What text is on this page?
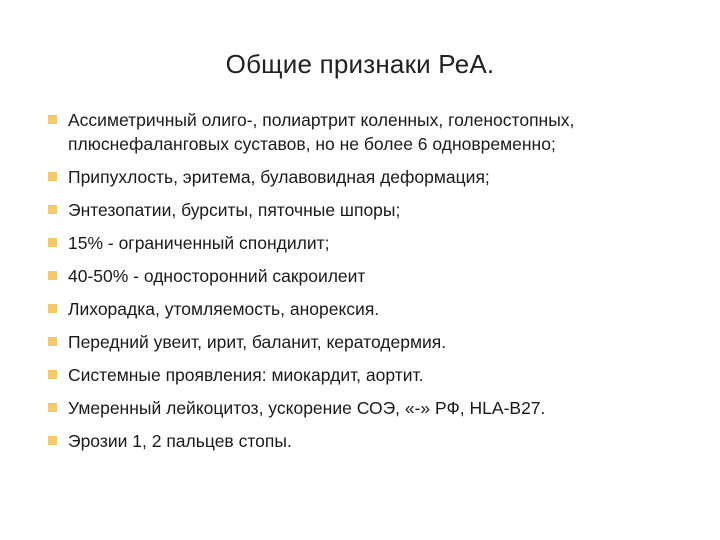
Общие признаки РеА.
Ассиметричный олиго-, полиартрит коленных, голеностопных, плюснефаланговых суставов, но не более 6 одновременно;
Припухлость, эритема, булавовидная деформация;
Энтезопатии, бурситы, пяточные шпоры;
15% - ограниченный спондилит;
40-50% - односторонний сакроилеит
Лихорадка, утомляемость, анорексия.
Передний увеит, ирит, баланит, кератодермия.
Системные проявления: миокардит, аортит.
Умеренный лейкоцитоз, ускорение СОЭ, «-» РФ, HLA-B27.
Эрозии 1, 2 пальцев стопы.
